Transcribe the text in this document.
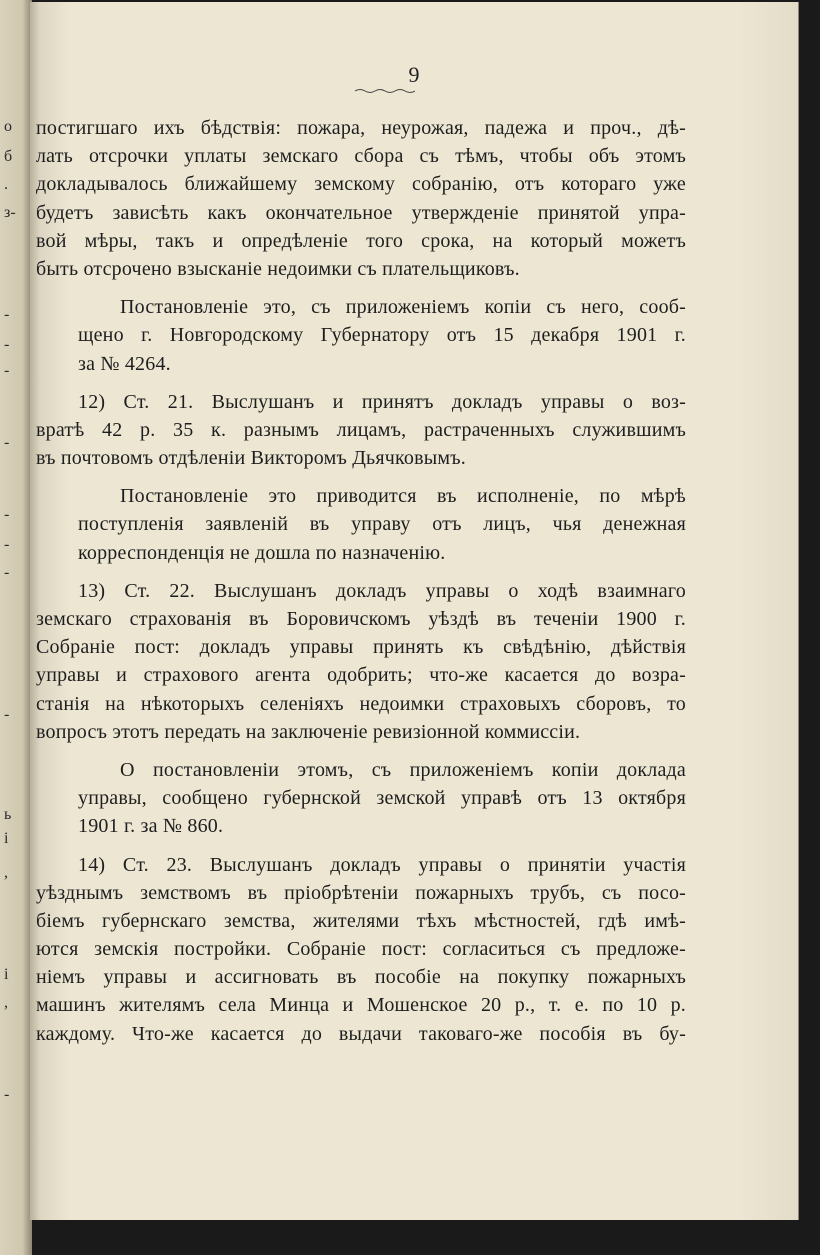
о
б
.
з-
-
-
-
-
-
-
-
-
ь
i
,
i
,
-
9
постигшаго ихъ бѣдствія: пожара, неурожая, падежа и проч., дѣ-
лать отсрочки уплаты земскаго сбора съ тѣмъ, чтобы объ этомъ
докладывалось ближайшему земскому собранію, отъ котораго уже
будетъ зависѣть какъ окончательное утвержденіе принятой упра-
вой мѣры, такъ и опредѣленіе того срока, на который можетъ
быть отсрочено взысканіе недоимки съ плательщиковъ.
Постановленіе это, съ приложеніемъ копіи съ него, сооб-
щено г. Новгородскому Губернатору отъ 15 декабря 1901 г.
за № 4264.
12) Ст. 21. Выслушанъ и принятъ докладъ управы о воз-
вратѣ 42 р. 35 к. разнымъ лицамъ, растраченныхъ служившимъ
въ почтовомъ отдѣленіи Викторомъ Дьячковымъ.
Постановленіе это приводится въ исполненіе, по мѣрѣ
поступленія заявленій въ управу отъ лицъ, чья денежная
корреспонденція не дошла по назначенію.
13) Ст. 22. Выслушанъ докладъ управы о ходѣ взаимнаго
земскаго страхованія въ Боровичскомъ уѣздѣ въ теченіи 1900 г.
Собраніе пост: докладъ управы принять къ свѣдѣнію, дѣйствія
управы и страхового агента одобрить; что-же касается до возра-
станія на нѣкоторыхъ селеніяхъ недоимки страховыхъ сборовъ, то
вопросъ этотъ передать на заключеніе ревизіонной коммиссіи.
О постановленіи этомъ, съ приложеніемъ копіи доклада
управы, сообщено губернской земской управѣ отъ 13 октября
1901 г. за № 860.
14) Ст. 23. Выслушанъ докладъ управы о принятіи участія
уѣзднымъ земствомъ въ пріобрѣтеніи пожарныхъ трубъ, съ посо-
біемъ губернскаго земства, жителями тѣхъ мѣстностей, гдѣ имѣ-
ются земскія постройки. Собраніе пост: согласиться съ предложе-
ніемъ управы и ассигновать въ пособіе на покупку пожарныхъ
машинъ жителямъ села Минца и Мошенское 20 р., т. е. по 10 р.
каждому. Что-же касается до выдачи таковаго-же пособія въ бу-
